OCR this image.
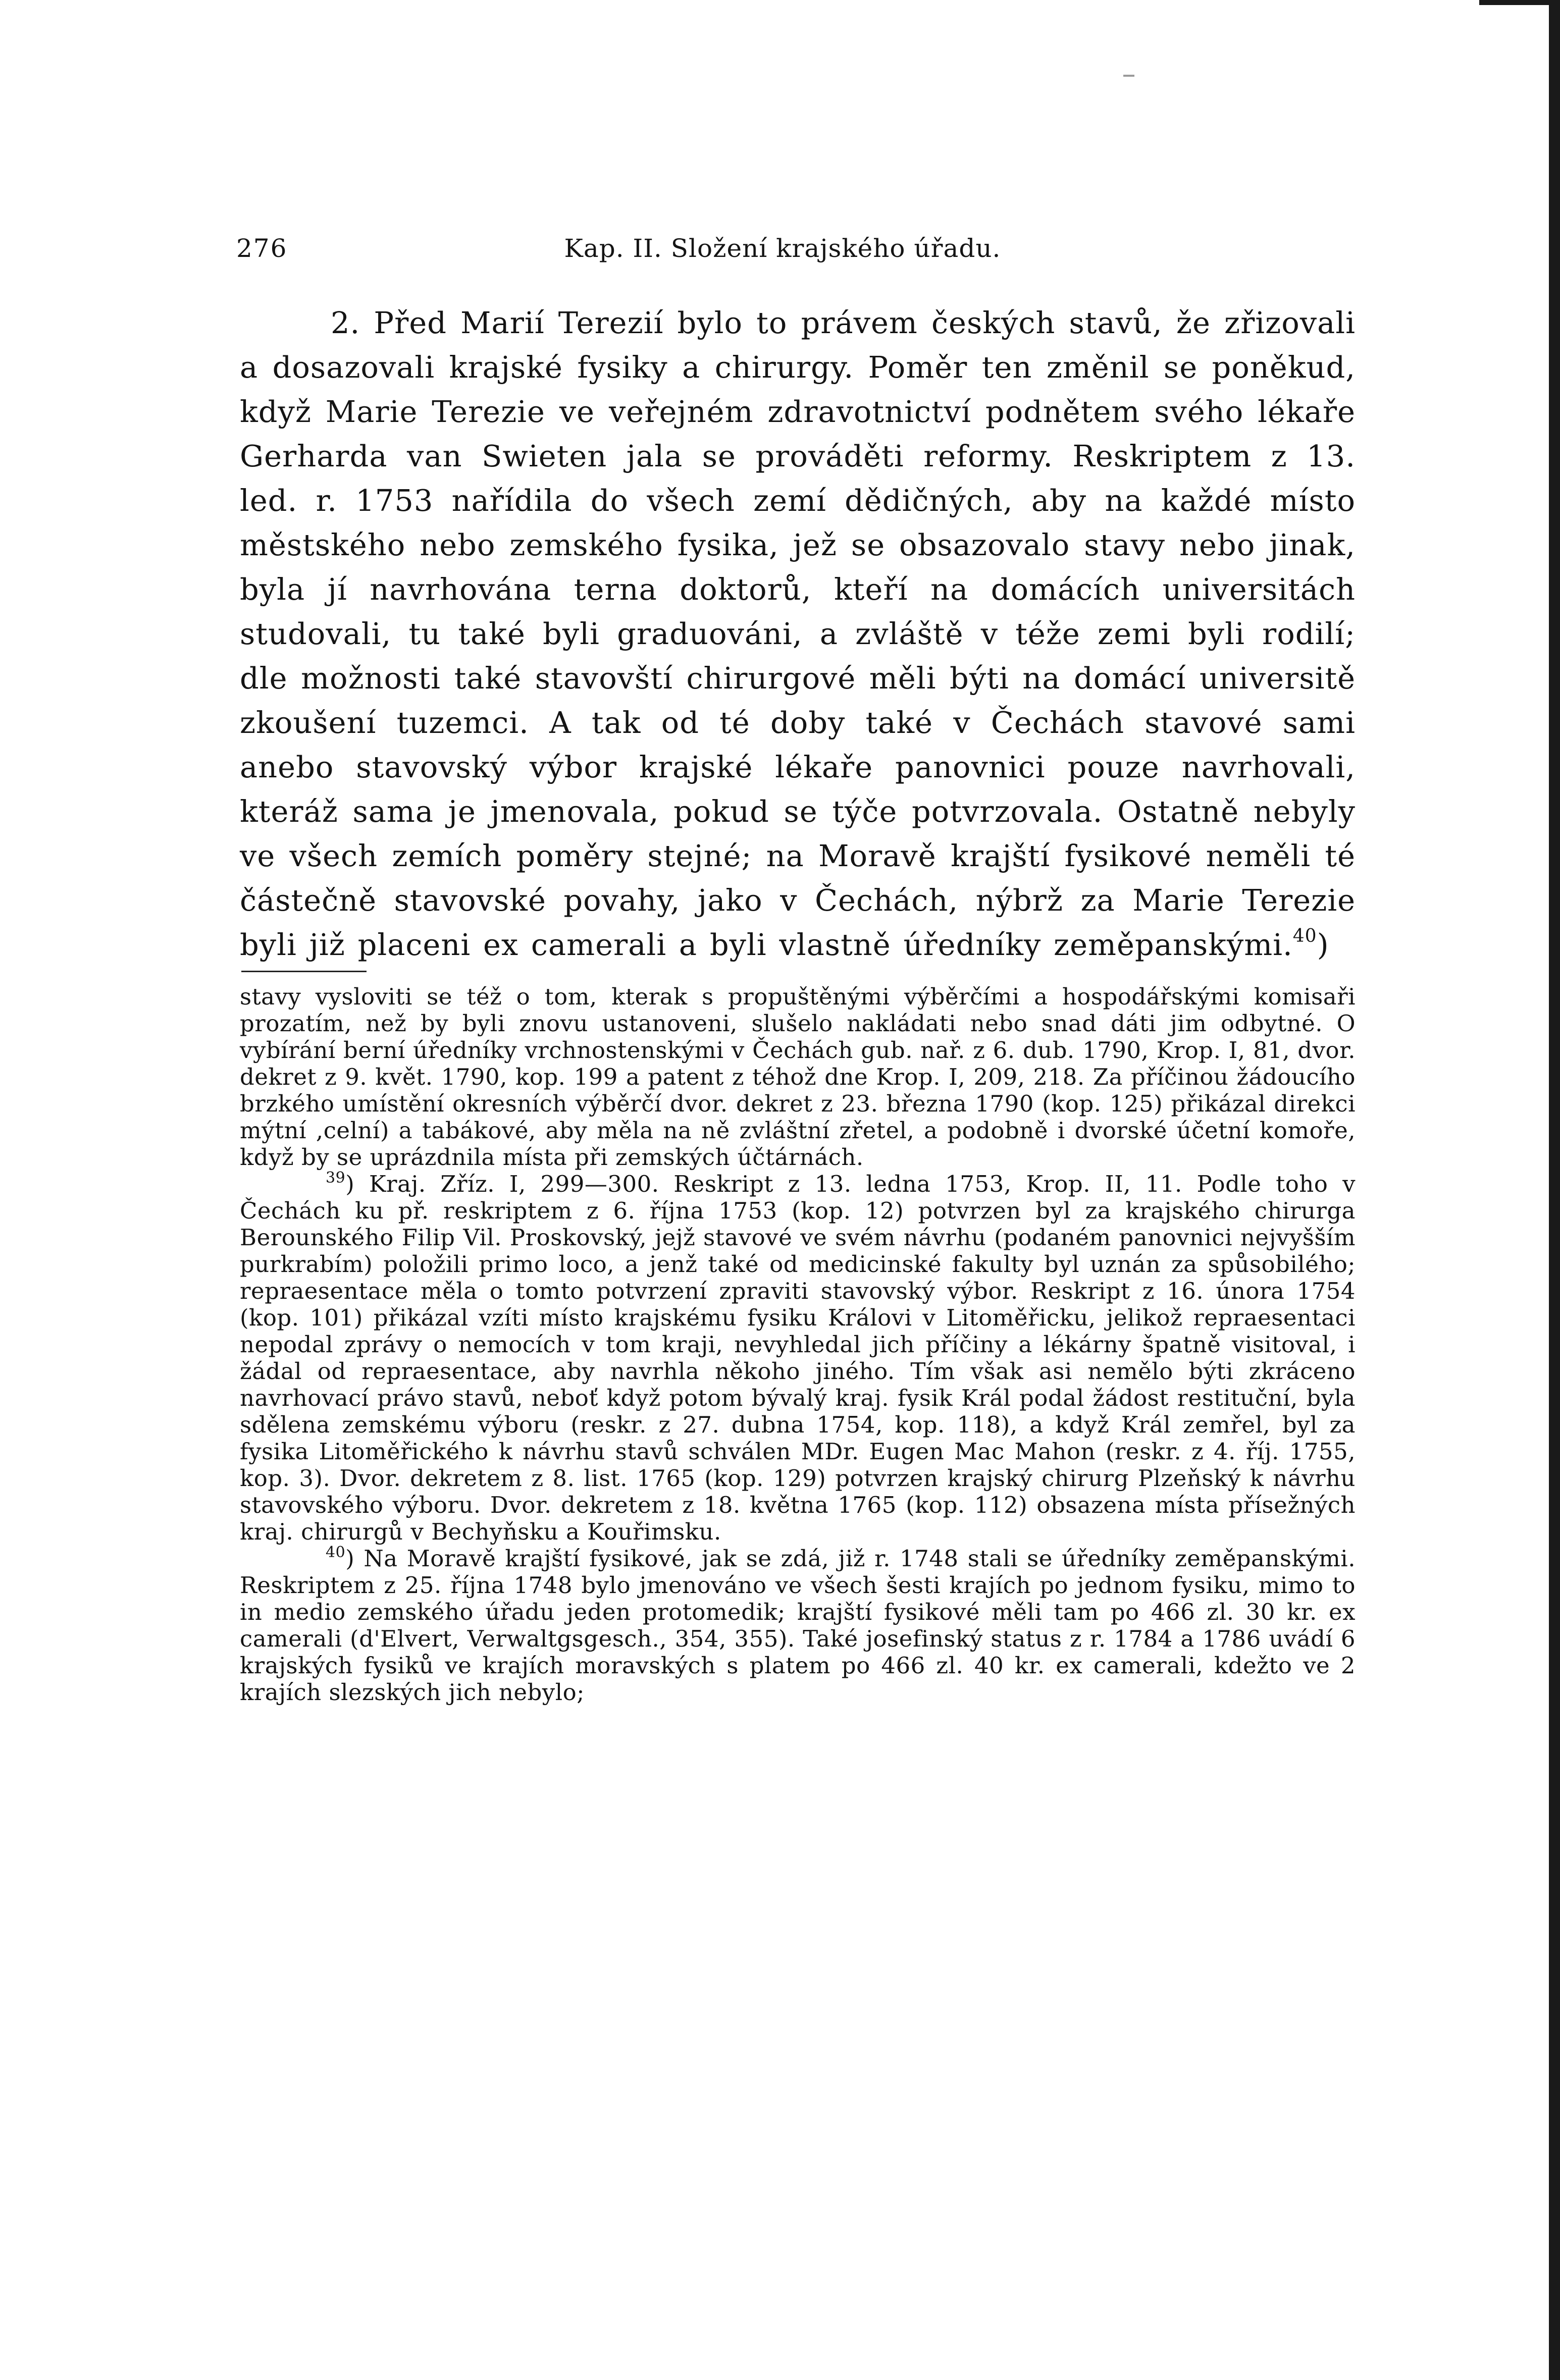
276	Kap. II. Složení krajského úřadu.

2. Před Marií Terezií bylo to právem českých stavů, že zřizovali a dosazovali krajské fysiky a chirurgy. Poměr ten změnil se poněkud, když Marie Terezie ve veřejném zdravotnictví podnětem svého lékaře Gerharda van Swieten jala se prováděti reformy. Reskriptem z 13. led. r. 1753 nařídila do všech zemí dědičných, aby na každé místo městského nebo zemského fysika, jež se obsazovalo stavy nebo jinak, byla jí navrhována terna doktorů, kteří na domácích universitách studovali, tu také byli graduováni, a zvláště v téže zemi byli rodilí; dle možnosti také stavovští chirurgové měli býti na domácí universitě zkoušení tuzemci. A tak od té doby také v Čechách stavové sami anebo stavovský výbor krajské lékaře panovnici pouze navrhovali, kteráž sama je jmenovala, pokud se týče potvrzovala. Ostatně nebyly ve všech zemích poměry stejné; na Moravě krajští fysikové neměli té částečně stavovské povahy, jako v Čechách, nýbrž za Marie Terezie byli již placeni ex camerali a byli vlastně úředníky zeměpanskými.$^{40}$)

stavy vysloviti se též o tom, kterak s propuštěnými výběrčími a hospodářskými komisaři prozatím, než by byli znovu ustanoveni, slušelo nakládati nebo snad dáti jim odbytné. O vybírání berní úředníky vrchnostenskými v Čechách gub. nař. z 6. dub. 1790, Krop. I, 81, dvor. dekret z 9. květ. 1790, kop. 199 a patent z téhož dne Krop. I, 209, 218. Za příčinou žádoucího brzkého umístění okresních výběrčí dvor. dekret z 23. března 1790 (kop. 125) přikázal direkci mýtní ,celní) a tabákové, aby měla na ně zvláštní zřetel, a podobně i dvorské účetní komoře, když by se uprázdnila místa při zemských účtárnách.

$^{39}$) Kraj. Zříz. I, 299—300. Reskript z 13. ledna 1753, Krop. II, 11. Podle toho v Čechách ku př. reskriptem z 6. října 1753 (kop. 12) potvrzen byl za krajského chirurga Berounského Filip Vil. Proskovský, jejž stavové ve svém návrhu (podaném panovnici nejvyšším purkrabím) položili primo loco, a jenž také od medicinské fakulty byl uznán za spůsobilého; repraesentace měla o tomto potvrzení zpraviti stavovský výbor. Reskript z 16. února 1754 (kop. 101) přikázal vzíti místo krajskému fysiku Královi v Litoměřicku, jelikož repraesentaci nepodal zprávy o nemocích v tom kraji, nevyhledal jich příčiny a lékárny špatně visitoval, i žádal od repraesentace, aby navrhla někoho jiného. Tím však asi nemělo býti zkráceno navrhovací právo stavů, neboť když potom bývalý kraj. fysik Král podal žádost restituční, byla sdělena zemskému výboru (reskr. z 27. dubna 1754, kop. 118), a když Král zemřel, byl za fysika Litoměřického k návrhu stavů schválen MDr. Eugen Mac Mahon (reskr. z 4. říj. 1755, kop. 3). Dvor. dekretem z 8. list. 1765 (kop. 129) potvrzen krajský chirurg Plzeňský k návrhu stavovského výboru. Dvor. dekretem z 18. května 1765 (kop. 112) obsazena místa přísežných kraj. chirurgů v Bechyňsku a Kouřimsku.

$^{40}$) Na Moravě krajští fysikové, jak se zdá, již r. 1748 stali se úředníky zeměpanskými. Reskriptem z 25. října 1748 bylo jmenováno ve všech šesti krajích po jednom fysiku, mimo to in medio zemského úřadu jeden protomedik; krajští fysikové měli tam po 466 zl. 30 kr. ex camerali (d'Elvert, Verwaltgsgesch., 354, 355). Také josefinský status z r. 1784 a 1786 uvádí 6 krajských fysiků ve krajích moravských s platem po 466 zl. 40 kr. ex camerali, kdežto ve 2 krajích slezských jich nebylo;
